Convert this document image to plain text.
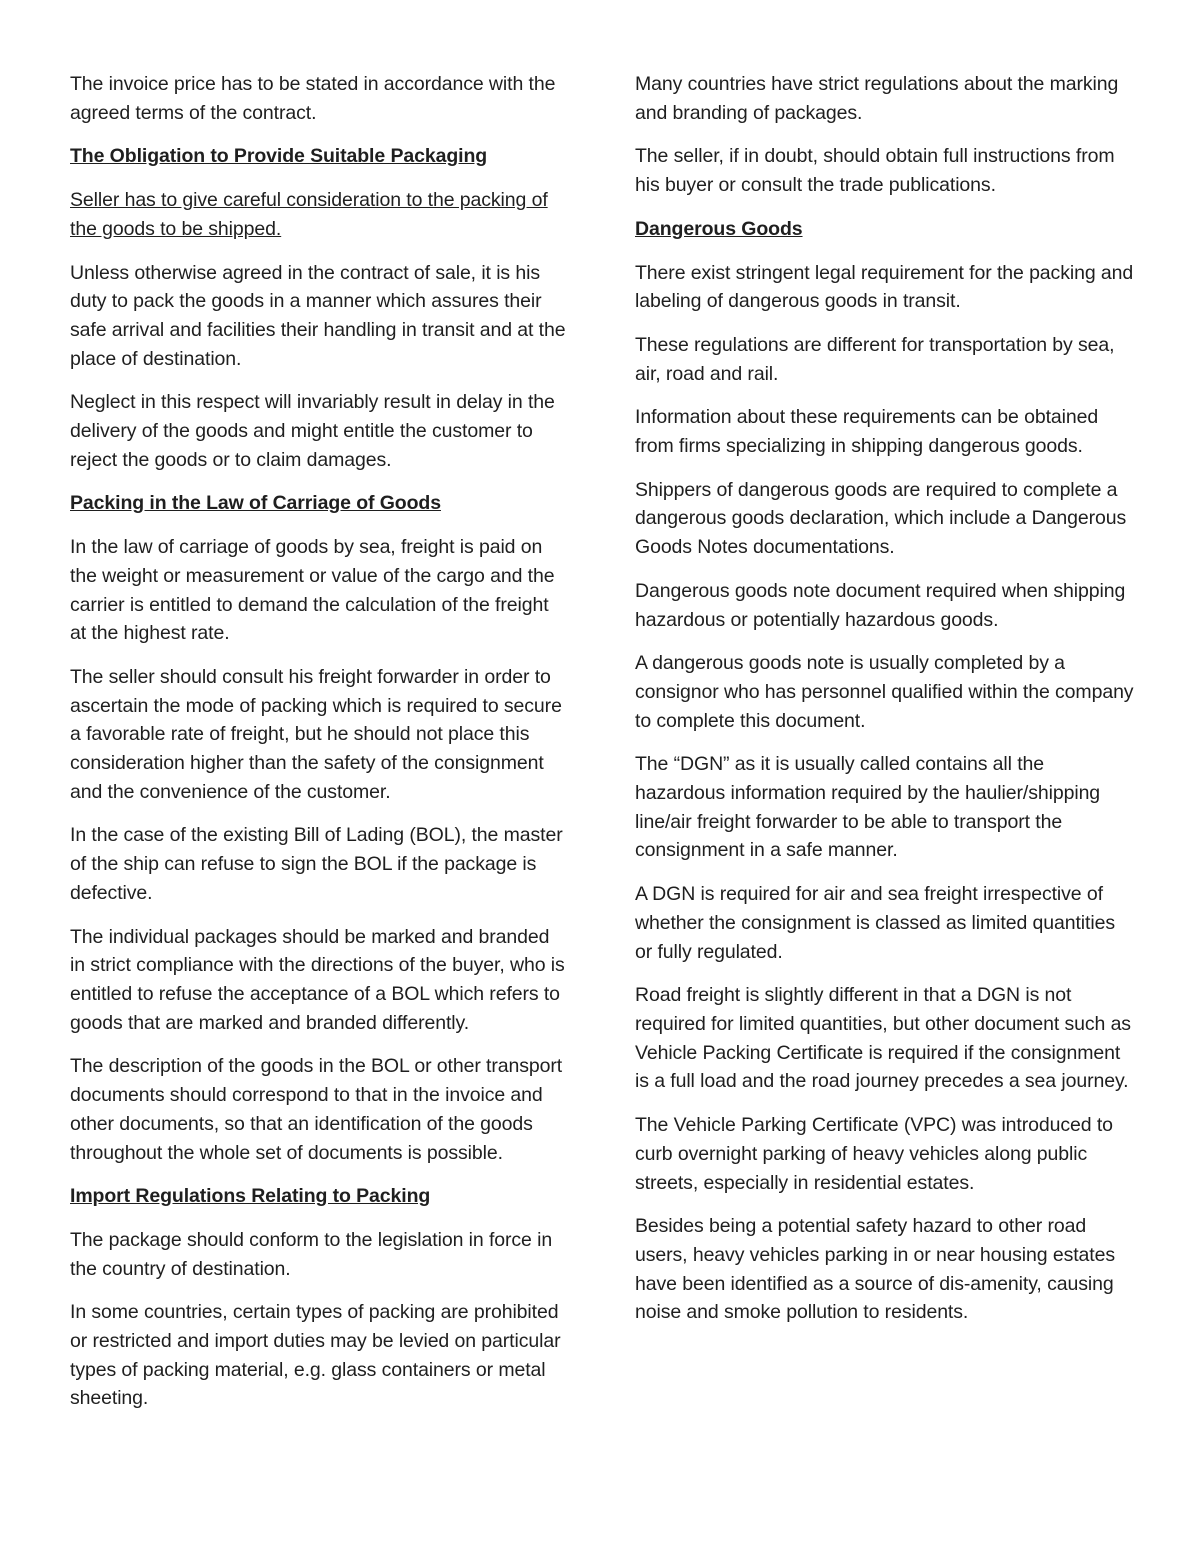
The invoice price has to be stated in accordance with the agreed terms of the contract.

The Obligation to Provide Suitable Packaging

Seller has to give careful consideration to the packing of the goods to be shipped.

Unless otherwise agreed in the contract of sale, it is his duty to pack the goods in a manner which assures their safe arrival and facilities their handling in transit and at the place of destination.

Neglect in this respect will invariably result in delay in the delivery of the goods and might entitle the customer to reject the goods or to claim damages.

Packing in the Law of Carriage of Goods

In the law of carriage of goods by sea, freight is paid on the weight or measurement or value of the cargo and the carrier is entitled to demand the calculation of the freight at the highest rate.

The seller should consult his freight forwarder in order to ascertain the mode of packing which is required to secure a favorable rate of freight, but he should not place this consideration higher than the safety of the consignment and the convenience of the customer.

In the case of the existing Bill of Lading (BOL), the master of the ship can refuse to sign the BOL if the package is defective.

The individual packages should be marked and branded in strict compliance with the directions of the buyer, who is entitled to refuse the acceptance of a BOL which refers to goods that are marked and branded differently.

The description of the goods in the BOL or other transport documents should correspond to that in the invoice and other documents, so that an identification of the goods throughout the whole set of documents is possible.

Import Regulations Relating to Packing

The package should conform to the legislation in force in the country of destination.

In some countries, certain types of packing are prohibited or restricted and import duties may be levied on particular types of packing material, e.g. glass containers or metal sheeting.

Many countries have strict regulations about the marking and branding of packages.

The seller, if in doubt, should obtain full instructions from his buyer or consult the trade publications.

Dangerous Goods

There exist stringent legal requirement for the packing and labeling of dangerous goods in transit.

These regulations are different for transportation by sea, air, road and rail.

Information about these requirements can be obtained from firms specializing in shipping dangerous goods.

Shippers of dangerous goods are required to complete a dangerous goods declaration, which include a Dangerous Goods Notes documentations.

Dangerous goods note document required when shipping hazardous or potentially hazardous goods.

A dangerous goods note is usually completed by a consignor who has personnel qualified within the company to complete this document.

The “DGN” as it is usually called contains all the hazardous information required by the haulier/shipping line/air freight forwarder to be able to transport the consignment in a safe manner.

A DGN is required for air and sea freight irrespective of whether the consignment is classed as limited quantities or fully regulated.

Road freight is slightly different in that a DGN is not required for limited quantities, but other document such as Vehicle Packing Certificate is required if the consignment is a full load and the road journey precedes a sea journey.

The Vehicle Parking Certificate (VPC) was introduced to curb overnight parking of heavy vehicles along public streets, especially in residential estates.

Besides being a potential safety hazard to other road users, heavy vehicles parking in or near housing estates have been identified as a source of dis-amenity, causing noise and smoke pollution to residents.
